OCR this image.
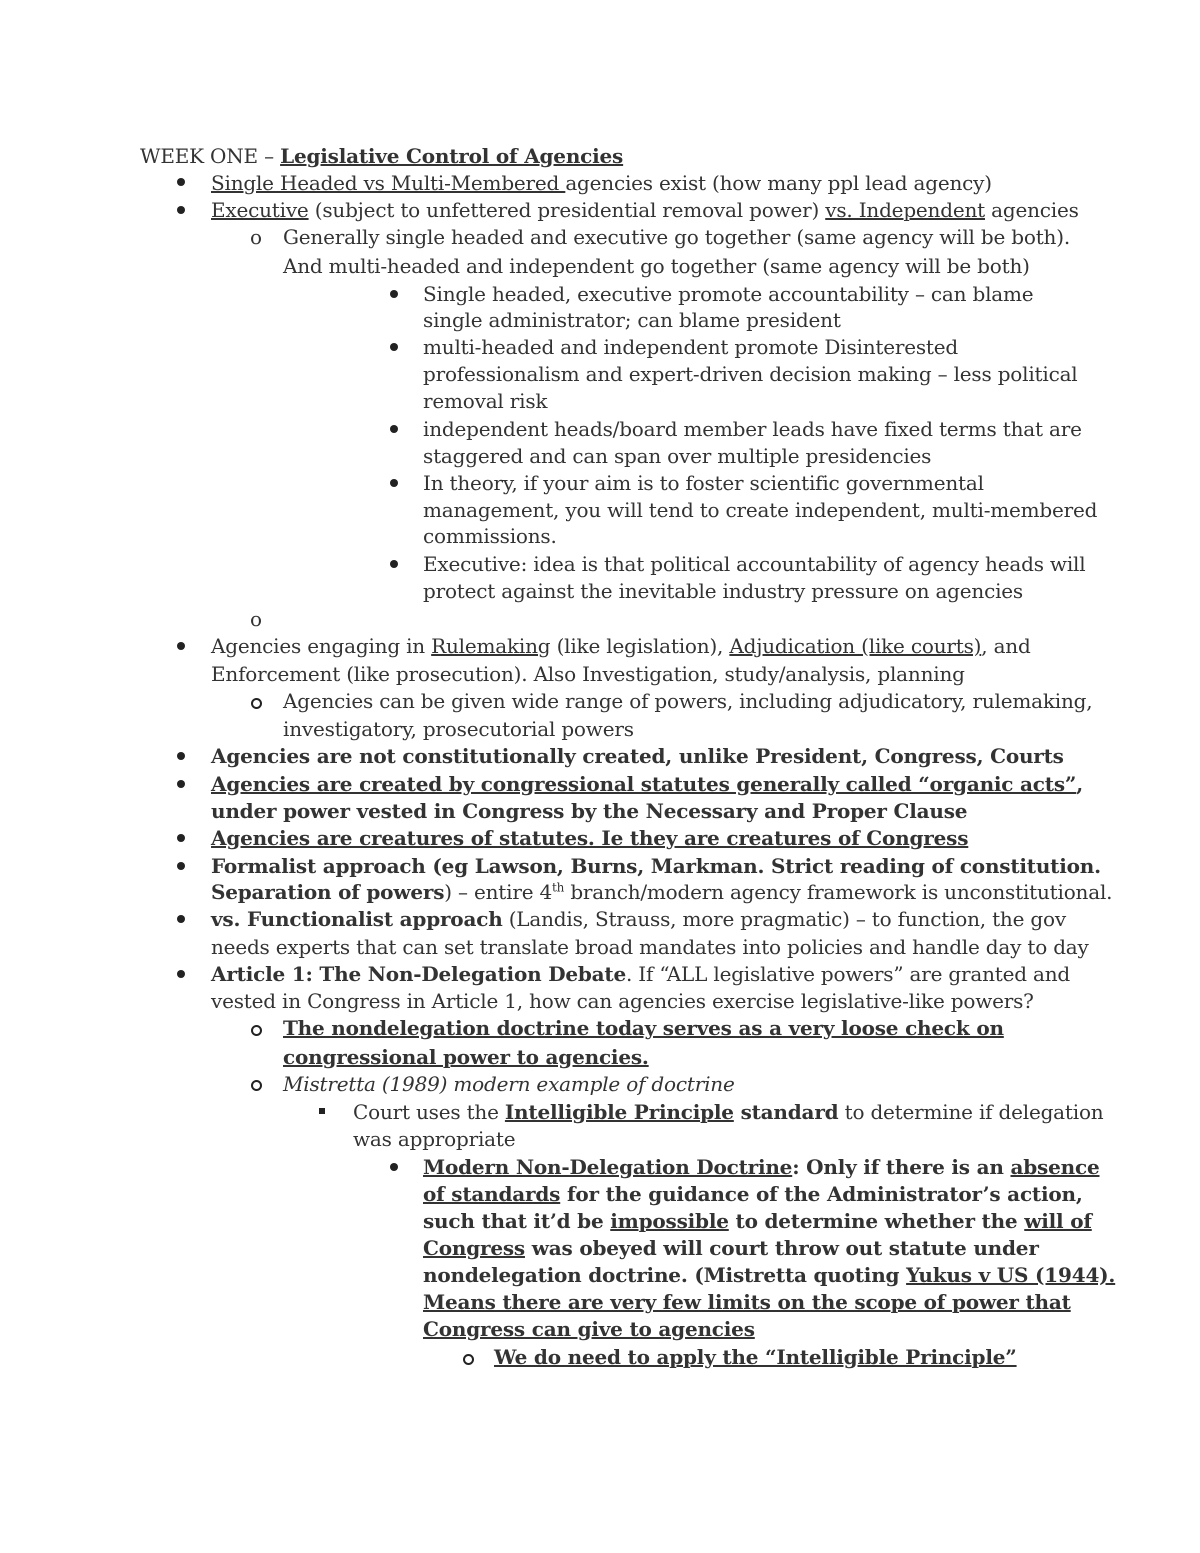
WEEK ONE – Legislative Control of Agencies
Single Headed vs Multi-Membered agencies exist (how many ppl lead agency)
Executive (subject to unfettered presidential removal power) vs. Independent agencies
o Generally single headed and executive go together (same agency will be both).
And multi-headed and independent go together (same agency will be both)
Single headed, executive promote accountability – can blame
single administrator; can blame president
multi-headed and independent promote Disinterested
professionalism and expert-driven decision making – less political
removal risk
independent heads/board member leads have fixed terms that are
staggered and can span over multiple presidencies
In theory, if your aim is to foster scientific governmental
management, you will tend to create independent, multi-membered
commissions.
Executive: idea is that political accountability of agency heads will
protect against the inevitable industry pressure on agencies
o
Agencies engaging in Rulemaking (like legislation), Adjudication (like courts), and
Enforcement (like prosecution). Also Investigation, study/analysis, planning
Agencies can be given wide range of powers, including adjudicatory, rulemaking,
investigatory, prosecutorial powers
Agencies are not constitutionally created, unlike President, Congress, Courts
Agencies are created by congressional statutes generally called “organic acts”,
under power vested in Congress by the Necessary and Proper Clause
Agencies are creatures of statutes. Ie they are creatures of Congress
Formalist approach (eg Lawson, Burns, Markman. Strict reading of constitution.
Separation of powers) – entire 4th branch/modern agency framework is unconstitutional.
vs. Functionalist approach (Landis, Strauss, more pragmatic) – to function, the gov
needs experts that can set translate broad mandates into policies and handle day to day
Article 1: The Non-Delegation Debate. If “ALL legislative powers” are granted and
vested in Congress in Article 1, how can agencies exercise legislative-like powers?
The nondelegation doctrine today serves as a very loose check on
congressional power to agencies.
Mistretta (1989) modern example of doctrine
Court uses the Intelligible Principle standard to determine if delegation
was appropriate
Modern Non-Delegation Doctrine: Only if there is an absence
of standards for the guidance of the Administrator’s action,
such that it’d be impossible to determine whether the will of
Congress was obeyed will court throw out statute under
nondelegation doctrine. (Mistretta quoting Yukus v US (1944).
Means there are very few limits on the scope of power that
Congress can give to agencies
We do need to apply the “Intelligible Principle”
